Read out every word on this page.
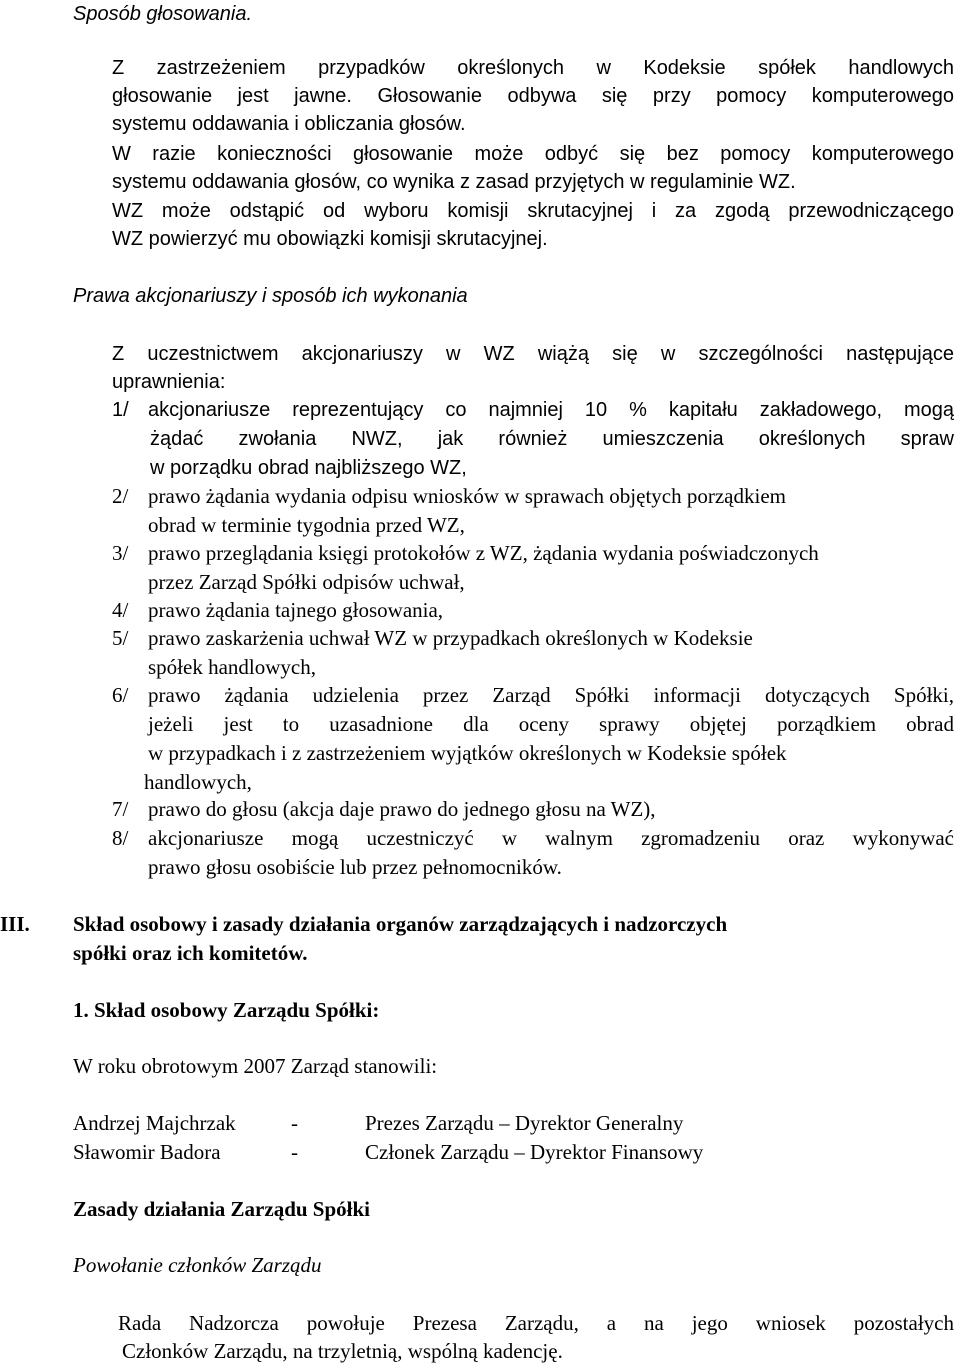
Sposób głosowania.
Z zastrzeżeniem przypadków określonych w Kodeksie spółek handlowych
głosowanie jest jawne. Głosowanie odbywa się przy pomocy komputerowego
systemu oddawania i obliczania głosów.
W razie konieczności głosowanie może odbyć się bez pomocy komputerowego
systemu oddawania głosów, co wynika z zasad przyjętych w regulaminie WZ.
WZ może odstąpić od wyboru komisji skrutacyjnej i za zgodą przewodniczącego
WZ powierzyć mu obowiązki komisji skrutacyjnej.
Prawa akcjonariuszy i sposób ich wykonania
Z uczestnictwem akcjonariuszy w WZ wiążą się w szczególności następujące
uprawnienia:
1/ akcjonariusze reprezentujący co najmniej 10 % kapitału zakładowego, mogą
żądać zwołania NWZ, jak również umieszczenia określonych spraw
w porządku obrad najbliższego WZ,
2/ prawo żądania wydania odpisu wniosków w sprawach objętych porządkiem
obrad w terminie tygodnia przed WZ,
3/ prawo przeglądania księgi protokołów z WZ, żądania wydania poświadczonych
przez Zarząd Spółki odpisów uchwał,
4/ prawo żądania tajnego głosowania,
5/ prawo zaskarżenia uchwał WZ w przypadkach określonych w Kodeksie
spółek handlowych,
6/ prawo żądania udzielenia przez Zarząd Spółki informacji dotyczących Spółki,
jeżeli jest to uzasadnione dla oceny sprawy objętej porządkiem obrad
w przypadkach i z zastrzeżeniem wyjątków określonych w Kodeksie spółek
handlowych,
7/ prawo do głosu (akcja daje prawo do jednego głosu na WZ),
8/ akcjonariusze mogą uczestniczyć w walnym zgromadzeniu oraz wykonywać
prawo głosu osobiście lub przez pełnomocników.
III. Skład osobowy i zasady działania organów zarządzających i nadzorczych
spółki oraz ich komitetów.
1. Skład osobowy Zarządu Spółki:
W roku obrotowym 2007 Zarząd stanowili:
Andrzej Majchrzak	-	Prezes Zarządu – Dyrektor Generalny
Sławomir Badora	-	Członek Zarządu – Dyrektor Finansowy
Zasady działania Zarządu Spółki
Powołanie członków Zarządu
Rada Nadzorcza powołuje Prezesa Zarządu, a na jego wniosek pozostałych
Członków Zarządu, na trzyletnią, wspólną kadencję.
